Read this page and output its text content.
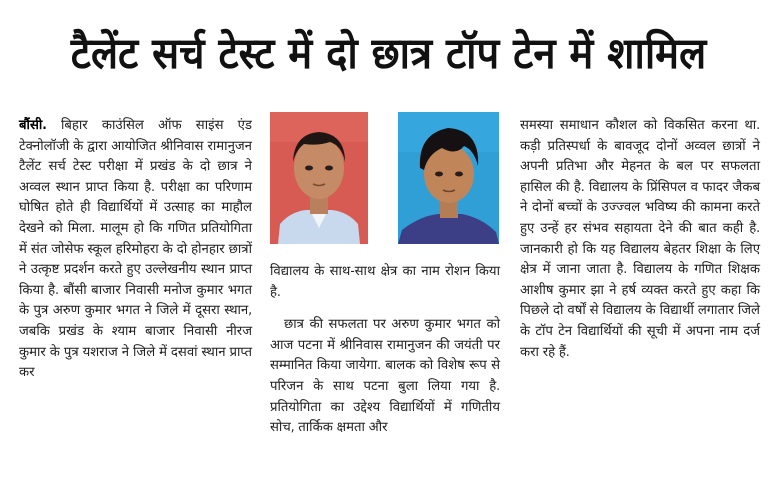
टैलेंट सर्च टेस्ट में दो छात्र टॉप टेन में शामिल

बौंसी. बिहार काउंसिल ऑफ साइंस एंड टेक्नोलॉजी के द्वारा आयोजित श्रीनिवास रामानुजन टैलेंट सर्च टेस्ट परीक्षा में प्रखंड के दो छात्र ने अव्वल स्थान प्राप्त किया है. परीक्षा का परिणाम घोषित होते ही विद्यार्थियों में उत्साह का माहौल देखने को मिला. मालूम हो कि गणित प्रतियोगिता में संत जोसेफ स्कूल हरिमोहरा के दो होनहार छात्रों ने उत्कृष्ट प्रदर्शन करते हुए उल्लेखनीय स्थान प्राप्त किया है. बौंसी बाजार निवासी मनोज कुमार भगत के पुत्र अरुण कुमार भगत ने जिले में दूसरा स्थान, जबकि प्रखंड के श्याम बाजार निवासी नीरज कुमार के पुत्र यशराज ने जिले में दसवां स्थान प्राप्त कर

विद्यालय के साथ-साथ क्षेत्र का नाम रोशन किया है.

छात्र की सफलता पर अरुण कुमार भगत को आज पटना में श्रीनिवास रामानुजन की जयंती पर सम्मानित किया जायेगा. बालक को विशेष रूप से परिजन के साथ पटना बुला लिया गया है. प्रतियोगिता का उद्देश्य विद्यार्थियों में गणितीय सोच, तार्किक क्षमता और

समस्या समाधान कौशल को विकसित करना था. कड़ी प्रतिस्पर्धा के बावजूद दोनों अव्वल छात्रों ने अपनी प्रतिभा और मेहनत के बल पर सफलता हासिल की है. विद्यालय के प्रिंसिपल व फादर जैकब ने दोनों बच्चों के उज्ज्वल भविष्य की कामना करते हुए उन्हें हर संभव सहायता देने की बात कही है. जानकारी हो कि यह विद्यालय बेहतर शिक्षा के लिए क्षेत्र में जाना जाता है. विद्यालय के गणित शिक्षक आशीष कुमार झा ने हर्ष व्यक्त करते हुए कहा कि पिछले दो वर्षों से विद्यालय के विद्यार्थी लगातार जिले के टॉप टेन विद्यार्थियों की सूची में अपना नाम दर्ज करा रहे हैं.
